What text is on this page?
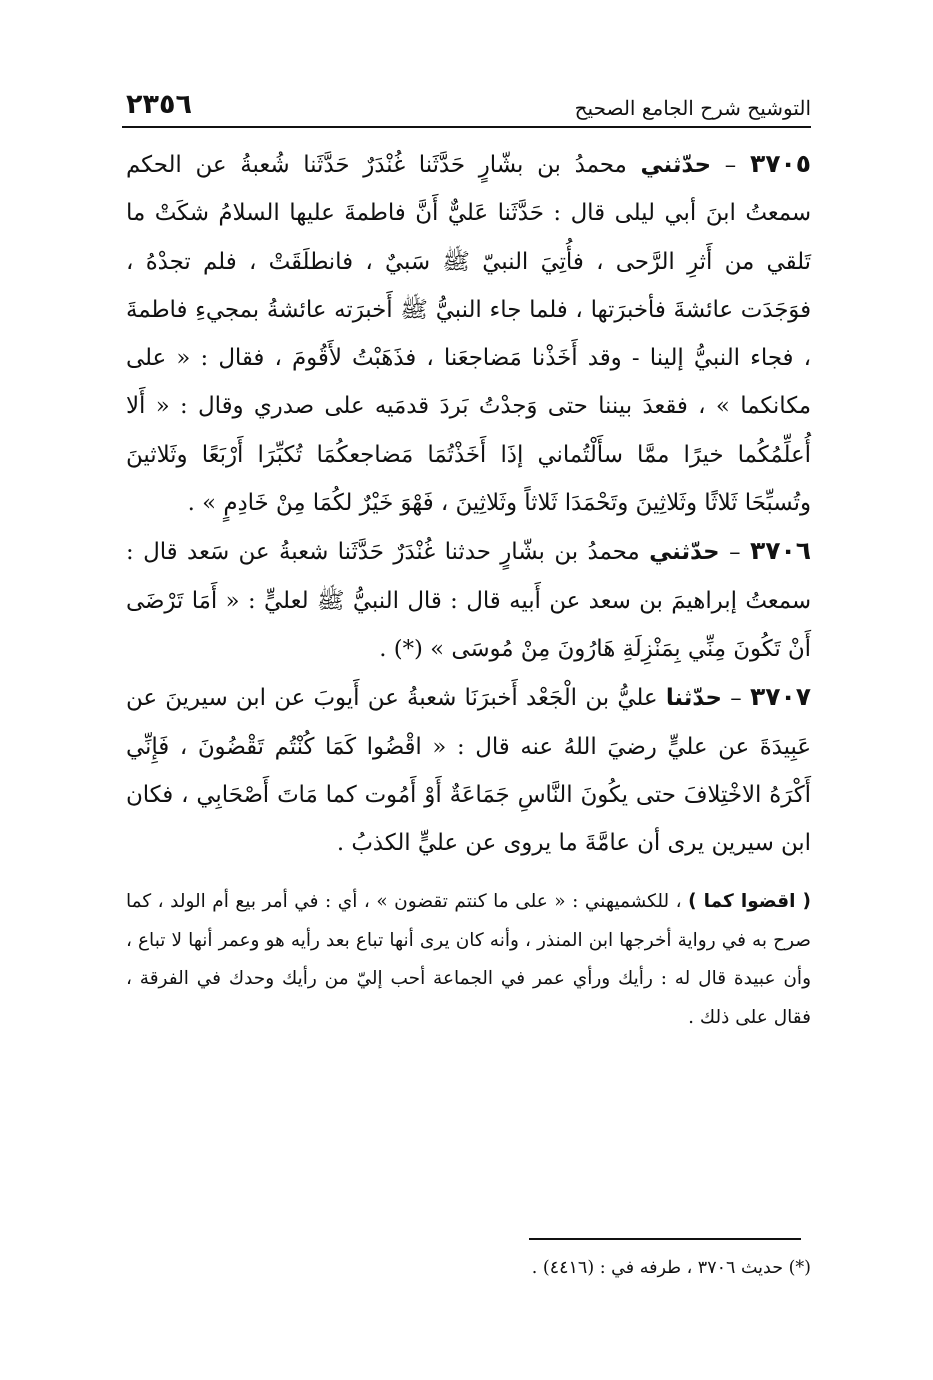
التوشيح شرح الجامع الصحيح
٢٣٥٦

٣٧٠٥ – حدّثني محمدُ بن بشّارٍ حَدَّثَنا غُنْدَرٌ حَدَّثَنا شُعبةُ عن الحكم سمعتُ ابنَ أبي ليلى قال : حَدَّثَنا عَليٌّ أَنَّ فاطمةَ عليها السلامُ شكَتْ ما تَلقي من أَثرِ الرَّحى ، فأُتِيَ النبيّ ﷺ سَبيٌ ، فانطلَقَتْ ، فلم تجدْهُ ، فوَجَدَت عائشةَ فأخبرَتها ، فلما جاء النبيُّ ﷺ أَخبرَته عائشةُ بمجيءِ فاطمةَ ، فجاء النبيُّ إلينا - وقد أَخَذْنا مَضاجعَنا ، فذَهَبْتُ لأَقُومَ ، فقال : « على مكانكما » ، فقعدَ بيننا حتى وَجدْتُ بَردَ قدمَيه على صدري وقال : « أَلا أُعلِّمُكُما خيرًا ممَّا سأَلْتُماني إذَا أَخَذْتُمَا مَضاجعكُمَا تُكبِّرَا أَرْبَعًا وثَلاثينَ وتُسبِّحَا ثَلاثًا وثَلاثِينَ وتَحْمَدَا ثَلاثاً وثَلاثِينَ ، فَهْوَ خَيْرٌ لكُمَا مِنْ خَادِمٍ » .

٣٧٠٦ – حدّثني محمدُ بن بشّارٍ حدثنا غُنْدَرٌ حَدَّثَنا شعبةُ عن سَعد قال : سمعتُ إبراهيمَ بن سعد عن أَبيه قال : قال النبيُّ ﷺ لعليٍّ : « أَمَا تَرْضَى أَنْ تَكُونَ مِنِّي بِمَنْزِلَةِ هَارُونَ مِنْ مُوسَى » (*) .

٣٧٠٧ – حدّثنا عليُّ بن الْجَعْد أَخبرَنَا شعبةُ عن أَيوبَ عن ابن سيرينَ عن عَبِيدَةَ عن عليٍّ رضيَ اللهُ عنه قال : « اقْضُوا كَمَا كُنْتُم تَقْضُونَ ، فَإِنِّي أَكْرَهُ الاخْتِلافَ حتى يكُونَ النَّاسِ جَمَاعَةٌ أَوْ أَمُوت كما مَاتَ أَصْحَابِي ، فكان ابن سيرين يرى أن عامَّةَ ما يروى عن عليٍّ الكذبُ .

( اقضوا كما ) ، للكشميهني : « على ما كنتم تقضون » ، أي : في أمر بيع أم الولد ، كما صرح به في رواية أخرجها ابن المنذر ، وأنه كان يرى أنها تباع بعد رأيه هو وعمر أنها لا تباع ، وأن عبيدة قال له : رأيك ورأي عمر في الجماعة أحب إليّ من رأيك وحدك في الفرقة ، فقال على ذلك .

(*) حديث ٣٧٠٦ ، طرفه في : (٤٤١٦) .
